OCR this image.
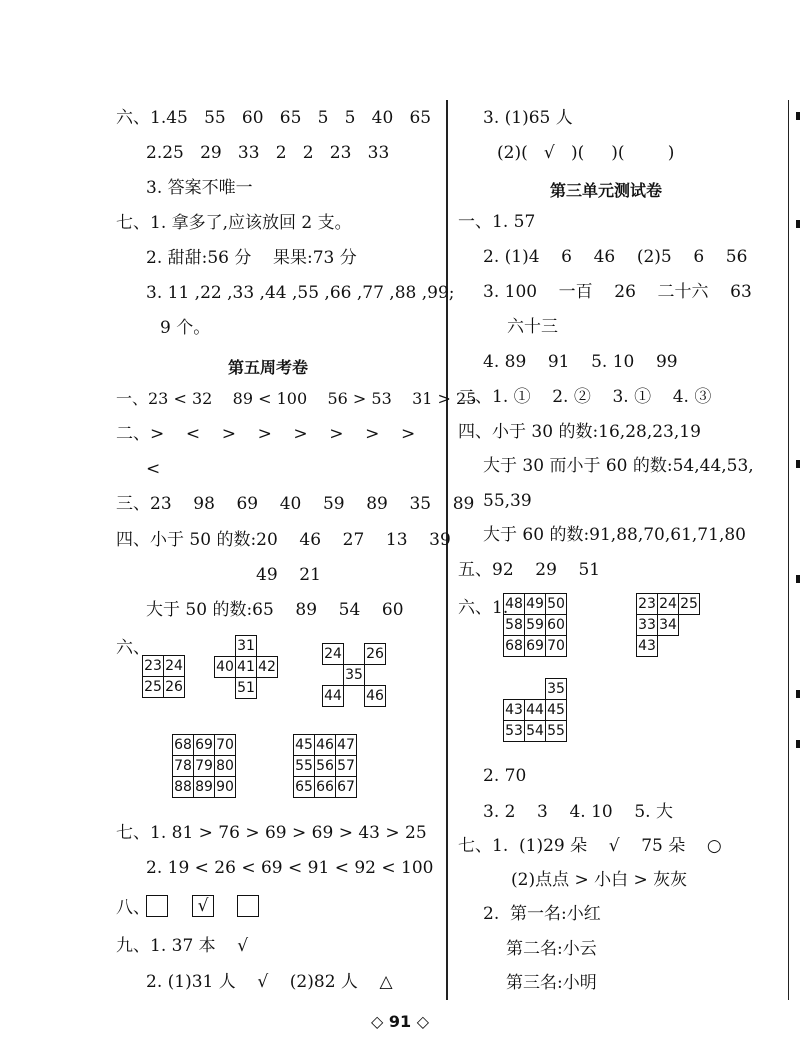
六、1.45   55   60   65   5   5   40   65
2.25   29   33   2   2   23   33
3. 答案不唯一
七、1. 拿多了,应该放回 2 支。
2. 甜甜:56 分    果果:73 分
3. 11 ,22 ,33 ,44 ,55 ,66 ,77 ,88 ,99;
9 个。
第五周考卷
一、23 < 32    89 < 100    56 > 53    31 > 25
二、>    <    >    >    >    >    >    >
<
三、23    98    69    40    59    89    35    89
四、小于 50 的数:20    46    27    13    39
49    21
大于 50 的数:65    89    54    60
六、
23	24
25	26
	31	
40	41	42
	51	
24		26
	35	
44		46
68	69	70
78	79	80
88	89	90
45	46	47
55	56	57
65	66	67
七、1. 81 > 76 > 69 > 69 > 43 > 25
2. 19 < 26 < 69 < 91 < 92 < 100
八、	√
九、1. 37 本    √
2. (1)31 人    √    (2)82 人    △
3. (1)65 人
(2)(   √   )(     )(        )
第三单元测试卷
一、1. 57
2. (1)4    6    46    (2)5    6    56
3. 100    一百    26    二十六    63
六十三
4. 89    91    5. 10    99
二、1. ①    2. ②    3. ①    4. ③
四、小于 30 的数:16,28,23,19
大于 30 而小于 60 的数:54,44,53,
55,39
大于 60 的数:91,88,70,61,71,80
五、92    29    51
六、1.
48	49	50
58	59	60
68	69	70
23	24	25
33	34	
43		
		35
43	44	45
53	54	55
2. 70
3. 2    3    4. 10    5. 大
七、1.  (1)29 朵    √    75 朵    ○
(2)点点 > 小白 > 灰灰
2.  第一名:小红
第二名:小云
第三名:小明
◇ 91 ◇
